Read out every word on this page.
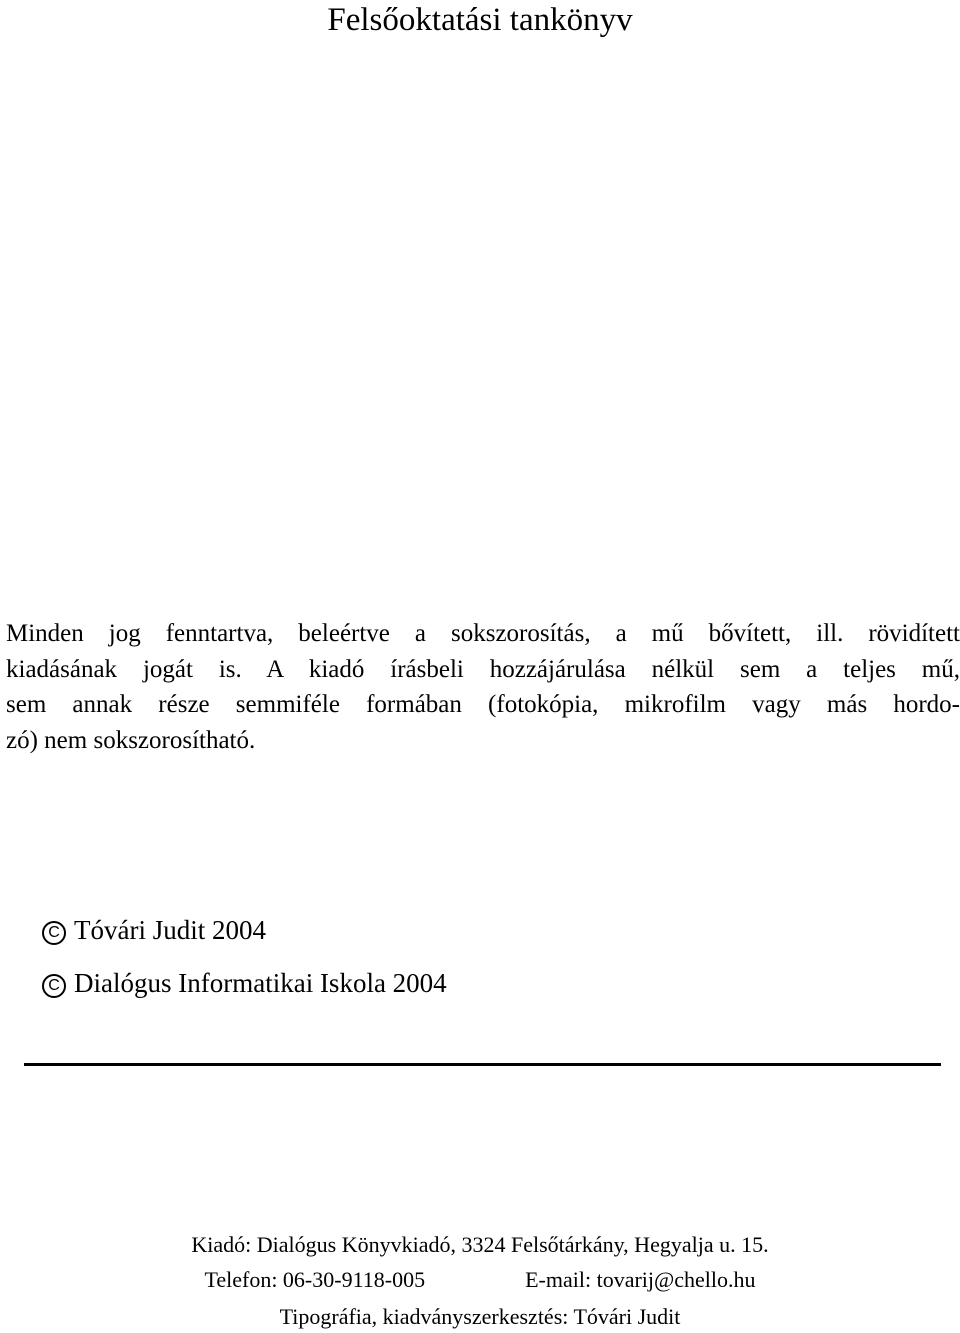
Felsőoktatási tankönyv
Minden jog fenntartva, beleértve a sokszorosítás, a mű bővített, ill. rövidített
kiadásának jogát is. A kiadó írásbeli hozzájárulása nélkül sem a teljes mű,
sem annak része semmiféle formában (fotokópia, mikrofilm vagy más hordo-
zó) nem sokszorosítható.
C Tóvári Judit 2004
C Dialógus Informatikai Iskola 2004
Kiadó: Dialógus Könyvkiadó, 3324 Felsőtárkány, Hegyalja u. 15.
Telefon: 06-30-9118-005	E-mail: tovarij@chello.hu
Tipográfia, kiadványszerkesztés: Tóvári Judit
